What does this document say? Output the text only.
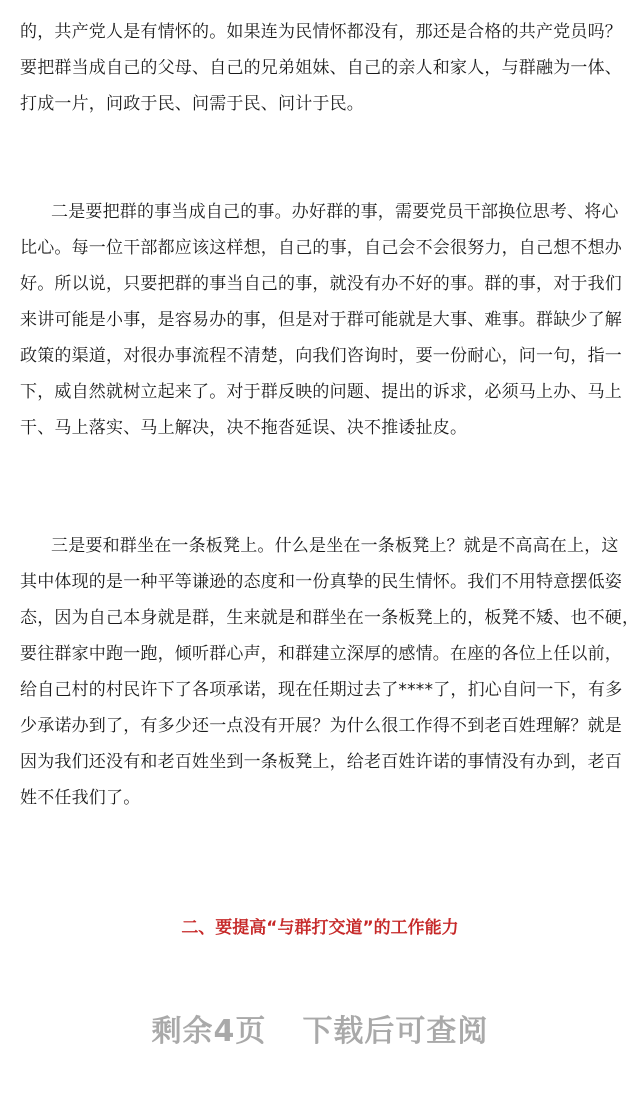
的，共产党人是有情怀的。如果连为民情怀都没有，那还是合格的共产党员吗？
要把群当成自己的父母、自己的兄弟姐妹、自己的亲人和家人，与群融为一体、
打成一片，问政于民、问需于民、问计于民。
二是要把群的事当成自己的事。办好群的事，需要党员干部换位思考、将心
比心。每一位干部都应该这样想，自己的事，自己会不会很努力，自己想不想办
好。所以说，只要把群的事当自己的事，就没有办不好的事。群的事，对于我们
来讲可能是小事，是容易办的事，但是对于群可能就是大事、难事。群缺少了解
政策的渠道，对很办事流程不清楚，向我们咨询时，要一份耐心，问一句，指一
下，威自然就树立起来了。对于群反映的问题、提出的诉求，必须马上办、马上
干、马上落实、马上解决，决不拖沓延误、决不推诿扯皮。
三是要和群坐在一条板凳上。什么是坐在一条板凳上？就是不高高在上，这
其中体现的是一种平等谦逊的态度和一份真挚的民生情怀。我们不用特意摆低姿
态，因为自己本身就是群，生来就是和群坐在一条板凳上的，板凳不矮、也不硬，
要往群家中跑一跑，倾听群心声，和群建立深厚的感情。在座的各位上任以前，
给自己村的村民许下了各项承诺，现在任期过去了****了，扪心自问一下，有多
少承诺办到了，有多少还一点没有开展？为什么很工作得不到老百姓理解？就是
因为我们还没有和老百姓坐到一条板凳上，给老百姓许诺的事情没有办到，老百
姓不任我们了。
二、要提高“与群打交道”的工作能力
剩余4页 下载后可查阅
